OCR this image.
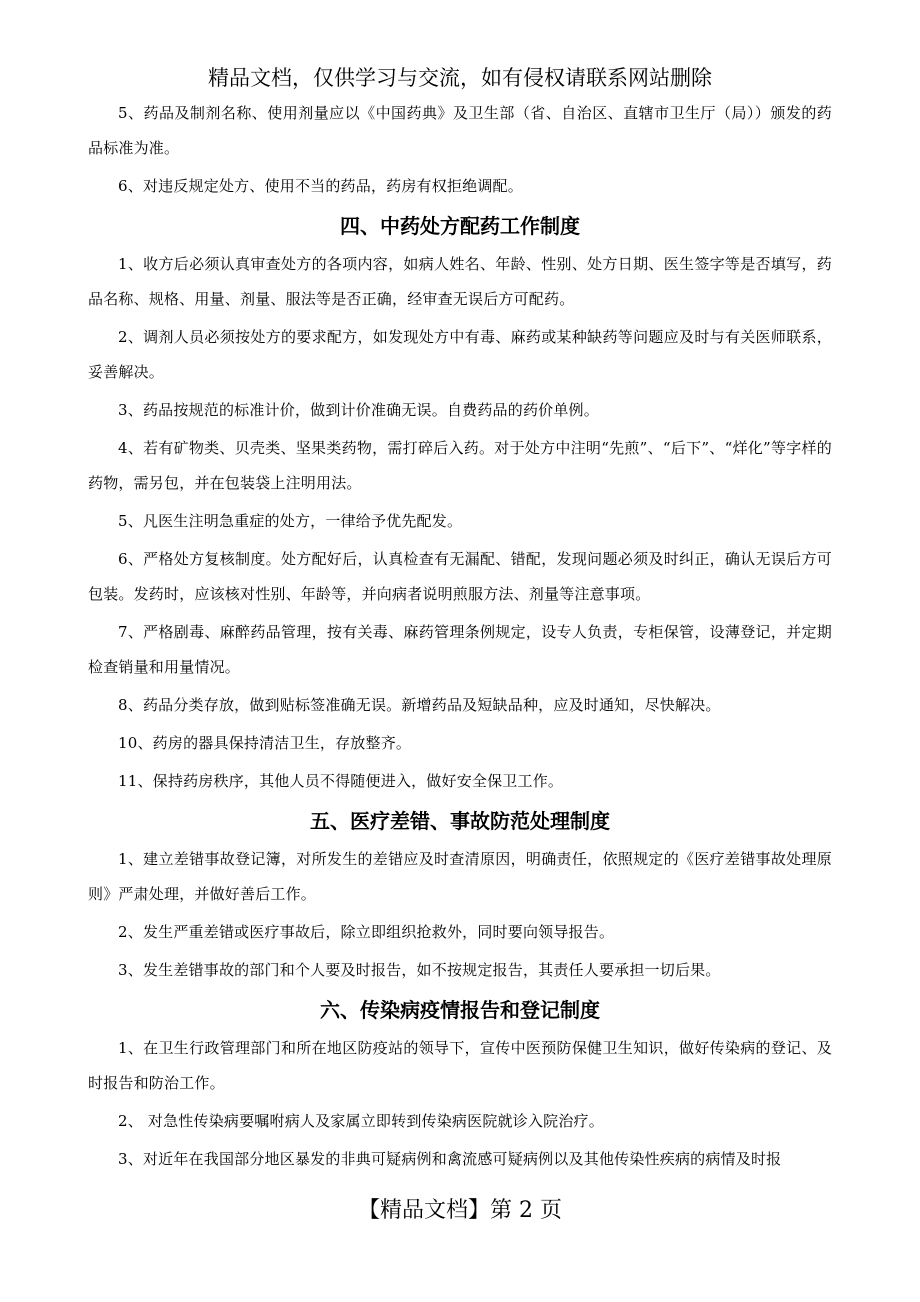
精品文档，仅供学习与交流，如有侵权请联系网站删除

5、药品及制剂名称、使用剂量应以《中国药典》及卫生部（省、自治区、直辖市卫生厅（局））颁发的药品标准为准。

6、对违反规定处方、使用不当的药品，药房有权拒绝调配。

四、中药处方配药工作制度

1、收方后必须认真审查处方的各项内容，如病人姓名、年龄、性别、处方日期、医生签字等是否填写，药品名称、规格、用量、剂量、服法等是否正确，经审查无误后方可配药。

2、调剂人员必须按处方的要求配方，如发现处方中有毒、麻药或某种缺药等问题应及时与有关医师联系，妥善解决。

3、药品按规范的标准计价，做到计价准确无误。自费药品的药价单例。

4、若有矿物类、贝壳类、坚果类药物，需打碎后入药。对于处方中注明“先煎”、“后下”、“烊化”等字样的药物，需另包，并在包装袋上注明用法。

5、凡医生注明急重症的处方，一律给予优先配发。

6、严格处方复核制度。处方配好后，认真检查有无漏配、错配，发现问题必须及时纠正，确认无误后方可包装。发药时，应该核对性别、年龄等，并向病者说明煎服方法、剂量等注意事项。

7、严格剧毒、麻醉药品管理，按有关毒、麻药管理条例规定，设专人负责，专柜保管，设薄登记，并定期检查销量和用量情况。

8、药品分类存放，做到贴标签准确无误。新增药品及短缺品种，应及时通知，尽快解决。

10、药房的器具保持清洁卫生，存放整齐。

11、保持药房秩序，其他人员不得随便进入，做好安全保卫工作。

五、医疗差错、事故防范处理制度

1、建立差错事故登记簿，对所发生的差错应及时查清原因，明确责任，依照规定的《医疗差错事故处理原则》严肃处理，并做好善后工作。

2、发生严重差错或医疗事故后，除立即组织抢救外，同时要向领导报告。

3、发生差错事故的部门和个人要及时报告，如不按规定报告，其责任人要承担一切后果。

六、传染病疫情报告和登记制度

1、在卫生行政管理部门和所在地区防疫站的领导下，宣传中医预防保健卫生知识，做好传染病的登记、及时报告和防治工作。

2、 对急性传染病要嘱咐病人及家属立即转到传染病医院就诊入院治疗。

3、对近年在我国部分地区暴发的非典可疑病例和禽流感可疑病例以及其他传染性疾病的病情及时报

【精品文档】第 2 页
